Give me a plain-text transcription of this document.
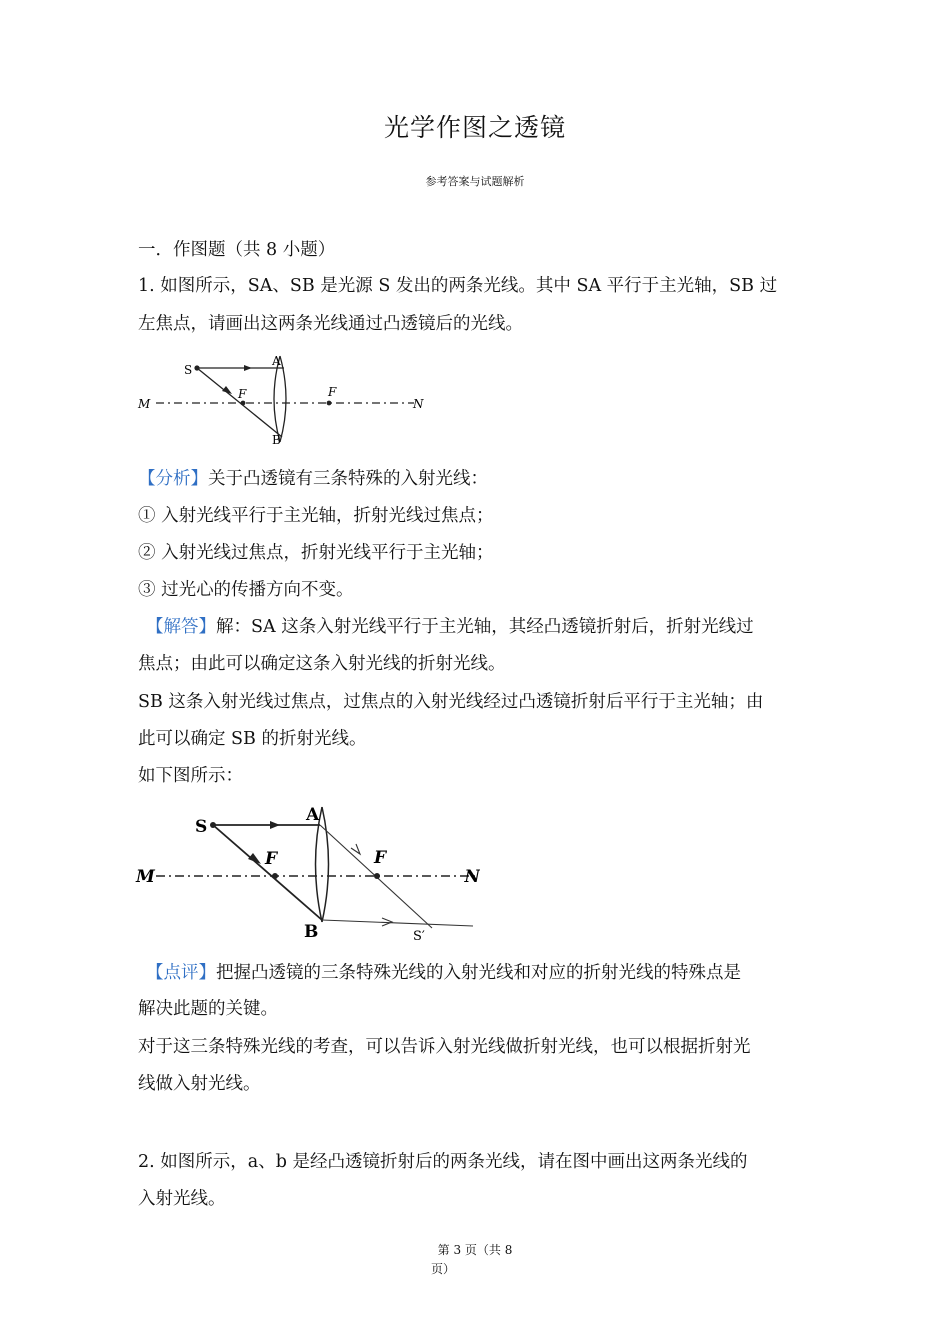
光学作图之透镜
参考答案与试题解析
一．作图题（共 8 小题）
1. 如图所示，SA、SB 是光源 S 发出的两条光线。其中 SA 平行于主光轴，SB 过
左焦点，请画出这两条光线通过凸透镜后的光线。
S
A
B
F	F
M	N
【分析】关于凸透镜有三条特殊的入射光线：
① 入射光线平行于主光轴，折射光线过焦点；
② 入射光线过焦点，折射光线平行于主光轴；
③ 过光心的传播方向不变。
【解答】解：SA 这条入射光线平行于主光轴，其经凸透镜折射后，折射光线过
焦点；由此可以确定这条入射光线的折射光线。
SB 这条入射光线过焦点，过焦点的入射光线经过凸透镜折射后平行于主光轴；由
此可以确定 SB 的折射光线。
如下图所示：
S
A
B
F	F
M	N
S′
【点评】把握凸透镜的三条特殊光线的入射光线和对应的折射光线的特殊点是
解决此题的关键。
对于这三条特殊光线的考查，可以告诉入射光线做折射光线，也可以根据折射光
线做入射光线。
2. 如图所示，a、b 是经凸透镜折射后的两条光线，请在图中画出这两条光线的
入射光线。
第 3 页（共 8
页）
